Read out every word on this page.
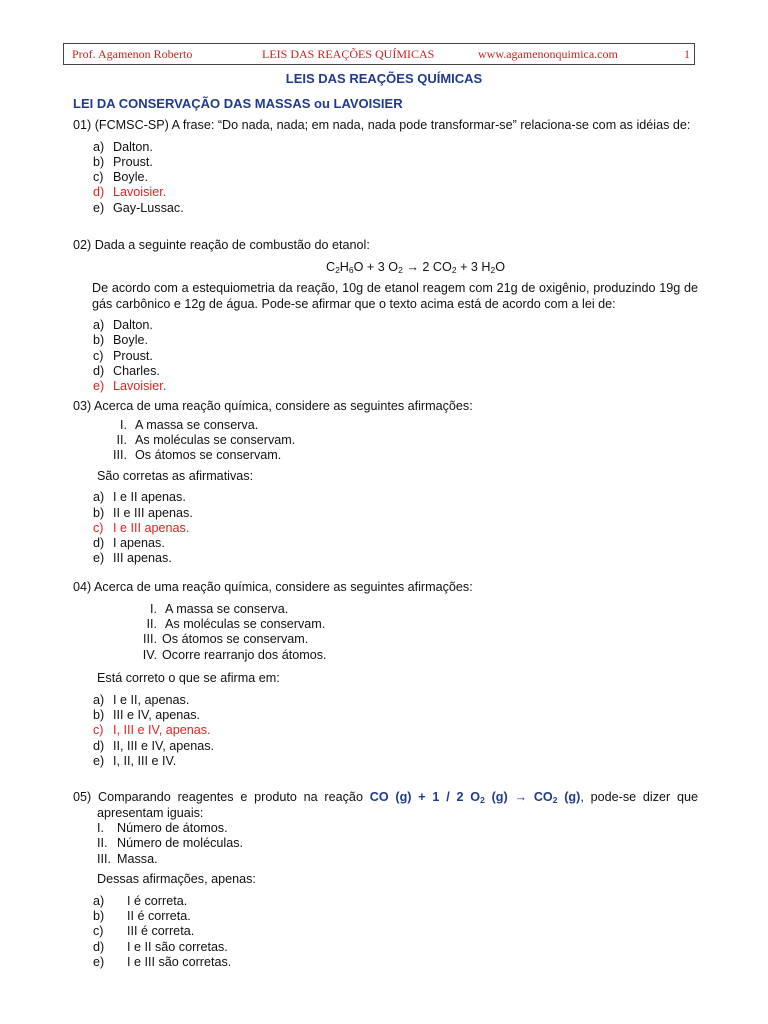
Prof. Agamenon Roberto	LEIS DAS REAÇÕES QUÍMICAS	www.agamenonquimica.com	1
LEIS DAS REAÇÕES QUÍMICAS
LEI DA CONSERVAÇÃO DAS MASSAS ou LAVOISIER
01) (FCMSC-SP) A frase: “Do nada, nada; em nada, nada pode transformar-se” relaciona-se com as idéias de:
a) Dalton.
b) Proust.
c) Boyle.
d) Lavoisier.
e) Gay-Lussac.
02) Dada a seguinte reação de combustão do etanol:
$C_2H_6O + 3$ $O_2 \to 2$ $CO_2 + 3$ $H_2O$
De acordo com a estequiometria da reação, 10g de etanol reagem com 21g de oxigênio, produzindo 19g de gás carbônico e 12g de água. Pode-se afirmar que o texto acima está de acordo com a lei de:
a) Dalton.
b) Boyle.
c) Proust.
d) Charles.
e) Lavoisier.
03) Acerca de uma reação química, considere as seguintes afirmações:
I. A massa se conserva.
II. As moléculas se conservam.
III. Os átomos se conservam.
São corretas as afirmativas:
a) I e II apenas.
b) II e III apenas.
c) I e III apenas.
d) I apenas.
e) III apenas.
04) Acerca de uma reação química, considere as seguintes afirmações:
I. A massa se conserva.
II. As moléculas se conservam.
III. Os átomos se conservam.
IV. Ocorre rearranjo dos átomos.
Está correto o que se afirma em:
a) I e II, apenas.
b) III e IV, apenas.
c) I, III e IV, apenas.
d) II, III e IV, apenas.
e) I, II, III e IV.
05) Comparando reagentes e produto na reação CO (g) + 1 / 2 $O_2$ $(g) \to CO_2$ (g), pode-se dizer que apresentam iguais:
I.	Número de átomos.
II. Número de moléculas.
III. Massa.
Dessas afirmações, apenas:
a)	I é correta.
b)	II é correta.
c)	III é correta.
d)	I e II são corretas.
e)	I e III são corretas.
